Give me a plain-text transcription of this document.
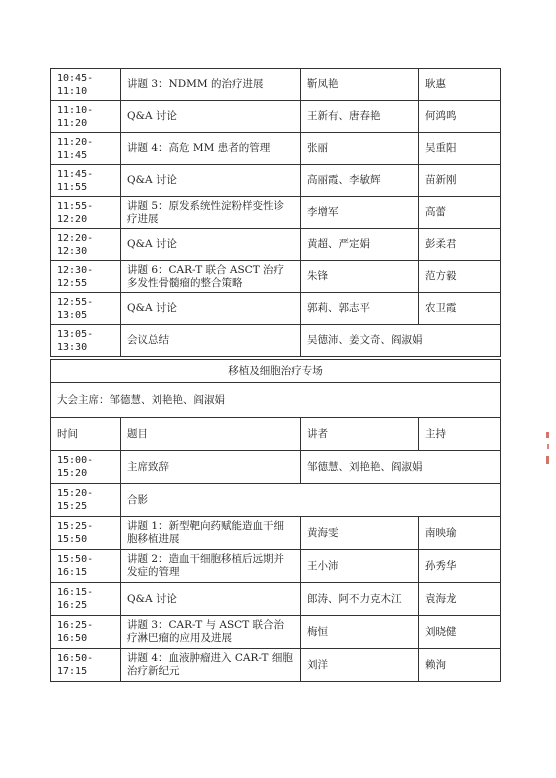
10:45-11:10	讲题 3：NDMM 的治疗进展	靳凤艳	耿惠
11:10-11:20	Q&A 讨论	王新有、唐春艳	何鸿鸣
11:20-11:45	讲题 4：高危 MM 患者的管理	张丽	吴重阳
11:45-11:55	Q&A 讨论	高丽霞、李敏辉	苗新刚
11:55-12:20	讲题 5：原发系统性淀粉样变性诊疗进展	李增军	高蕾
12:20-12:30	Q&A 讨论	黄超、严定娟	彭柔君
12:30-12:55	讲题 6：CAR-T 联合 ASCT 治疗多发性骨髓瘤的整合策略	朱锋	范方毅
12:55-13:05	Q&A 讨论	郭莉、郭志平	农卫霞
13:05-13:30	会议总结	吴德沛、姜文奇、阎淑娟	
移植及细胞治疗专场			
大会主席：邹德慧、刘艳艳、阎淑娟			
时间	题目	讲者	主持
15:00-15:20	主席致辞	邹德慧、刘艳艳、阎淑娟	
15:20-15:25	合影		
15:25-15:50	讲题 1：新型靶向药赋能造血干细胞移植进展	黄海雯	南映瑜
15:50-16:15	讲题 2：造血干细胞移植后远期并发症的管理	王小沛	孙秀华
16:15-16:25	Q&A 讨论	郎涛、阿不力克木江	袁海龙
16:25-16:50	讲题 3：CAR-T 与 ASCT 联合治疗淋巴瘤的应用及进展	梅恒	刘晓健
16:50-17:15	讲题 4：血液肿瘤进入 CAR-T 细胞治疗新纪元	刘洋	赖洵
